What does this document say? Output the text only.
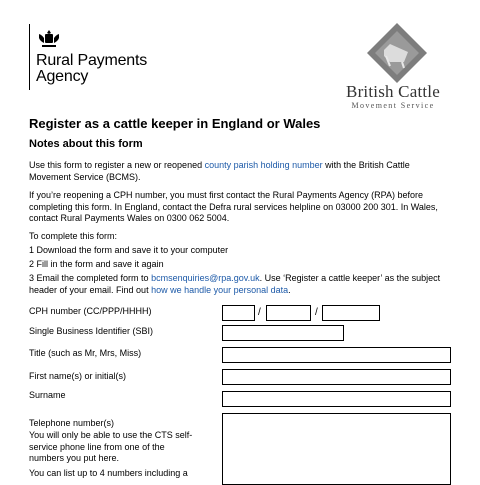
Rural Payments
Agency
British Cattle
Movement Service
Register as a cattle keeper in England or Wales
Notes about this form
Use this form to register a new or reopened county parish holding number with the British Cattle Movement Service (BCMS).
If you’re reopening a CPH number, you must first contact the Rural Payments Agency (RPA) before completing this form. In England, contact the Defra rural services helpline on 03000 200 301. In Wales, contact Rural Payments Wales on 0300 062 5004.
To complete this form:
1 Download the form and save it to your computer
2 Fill in the form and save it again
3 Email the completed form to bcmsenquiries@rpa.gov.uk. Use ‘Register a cattle keeper’ as the subject header of your email. Find out how we handle your personal data.
CPH number (CC/PPP/HHHH)	/	/
Single Business Identifier (SBI)
Title (such as Mr, Mrs, Miss)
First name(s) or initial(s)
Surname
Telephone number(s)
You will only be able to use the CTS self-service phone line from one of the numbers you put here.
You can list up to 4 numbers including a
